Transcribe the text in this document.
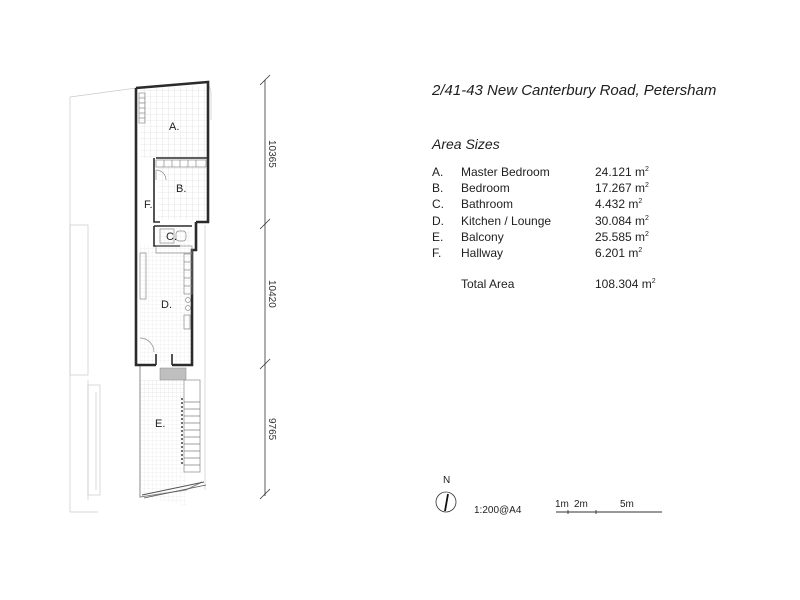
A.
B.
F.
C.
D.
E.
10365
10420
9765
2/41-43 New Canterbury Road, Petersham
Area Sizes
A.	Master Bedroom	24.121 $m^2$
B.	Bedroom	17.267 $m^2$
C.	Bathroom	4.432 $m^2$
D.	Kitchen / Lounge	30.084 $m^2$
E.	Balcony	25.585 $m^2$
F.	Hallway	6.201 $m^2$
Total Area	108.304 $m^2$
N
1:200@A4
1m 2m	5m
